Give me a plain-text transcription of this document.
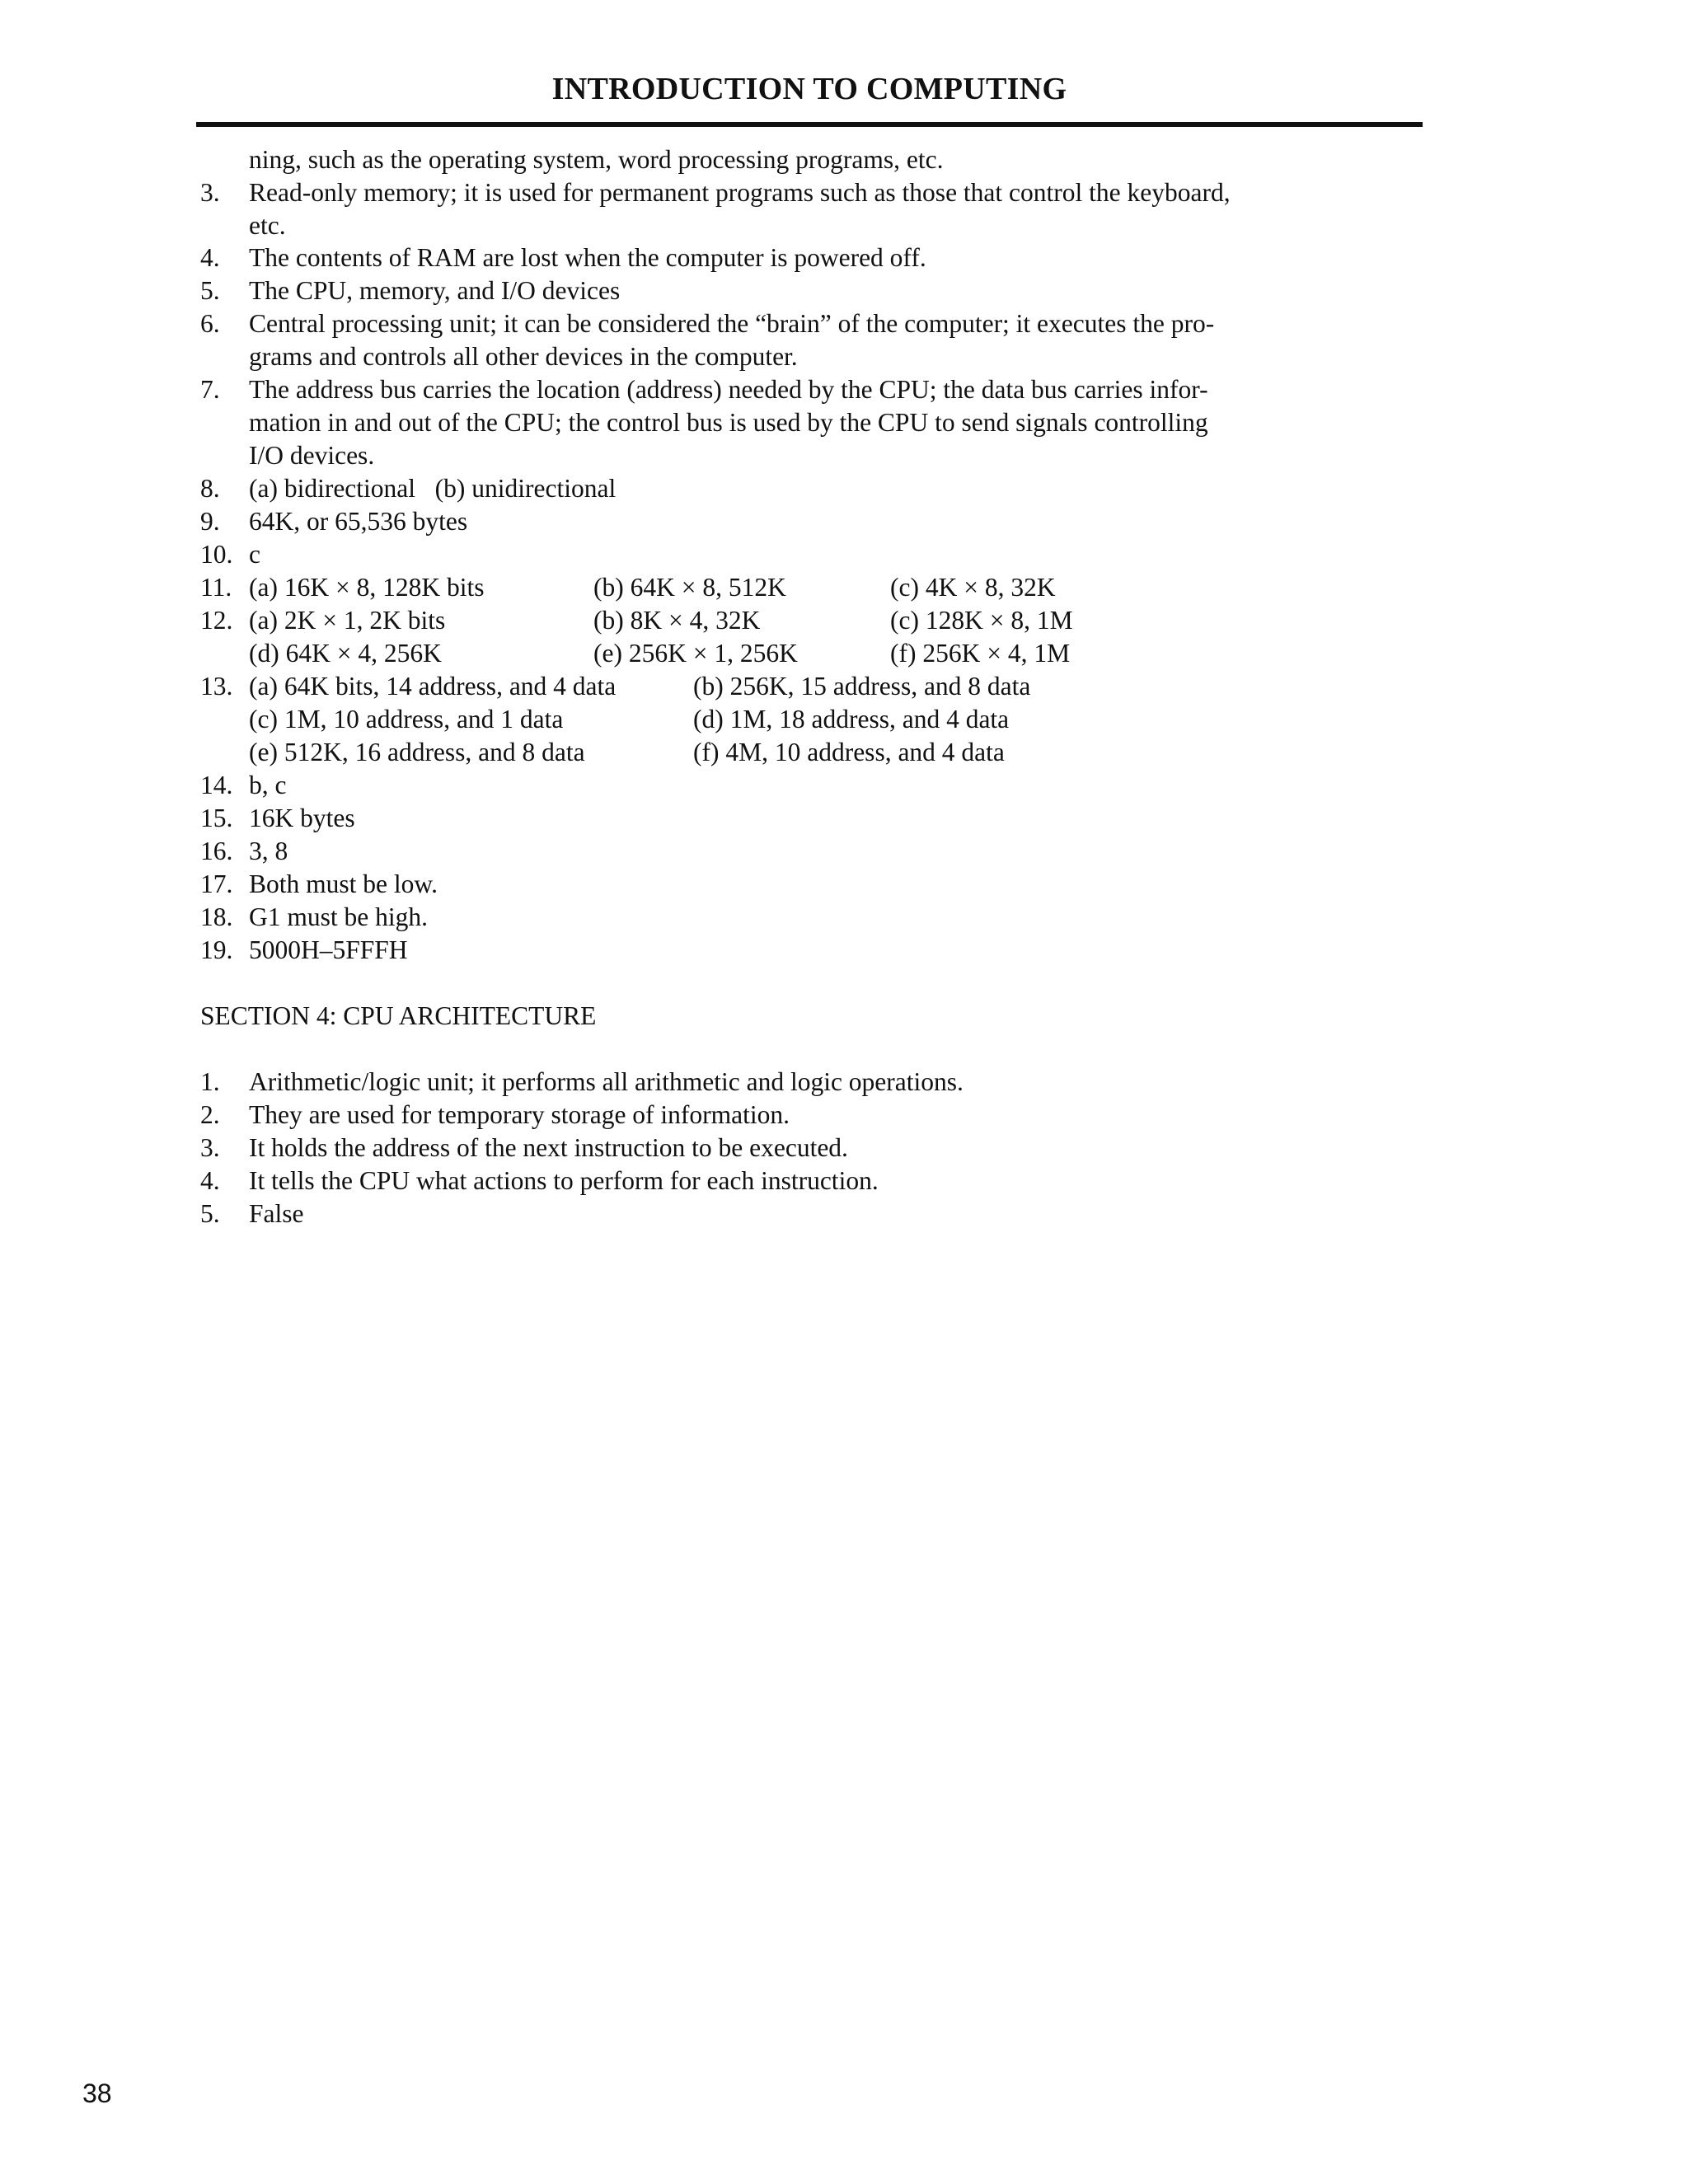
INTRODUCTION TO COMPUTING
ning, such as the operating system, word processing programs, etc.
3. Read-only memory; it is used for permanent programs such as those that control the keyboard,
etc.
4. The contents of RAM are lost when the computer is powered off.
5. The CPU, memory, and I/O devices
6. Central processing unit; it can be considered the “brain” of the computer; it executes the pro-
grams and controls all other devices in the computer.
7. The address bus carries the location (address) needed by the CPU; the data bus carries infor-
mation in and out of the CPU; the control bus is used by the CPU to send signals controlling
I/O devices.
8. (a) bidirectional   (b) unidirectional
9. 64K, or 65,536 bytes
10. c
11. (a) 16K × 8, 128K bits	(b) 64K × 8, 512K	(c) 4K × 8, 32K
12. (a) 2K × 1, 2K bits	(b) 8K × 4, 32K	(c) 128K × 8, 1M
(d) 64K × 4, 256K	(e) 256K × 1, 256K	(f) 256K × 4, 1M
13. (a) 64K bits, 14 address, and 4 data	(b) 256K, 15 address, and 8 data
(c) 1M, 10 address, and 1 data	(d) 1M, 18 address, and 4 data
(e) 512K, 16 address, and 8 data	(f) 4M, 10 address, and 4 data
14. b, c
15. 16K bytes
16. 3, 8
17. Both must be low.
18. G1 must be high.
19. 5000H–5FFFH
SECTION 4: CPU ARCHITECTURE
1. Arithmetic/logic unit; it performs all arithmetic and logic operations.
2. They are used for temporary storage of information.
3. It holds the address of the next instruction to be executed.
4. It tells the CPU what actions to perform for each instruction.
5. False
38
